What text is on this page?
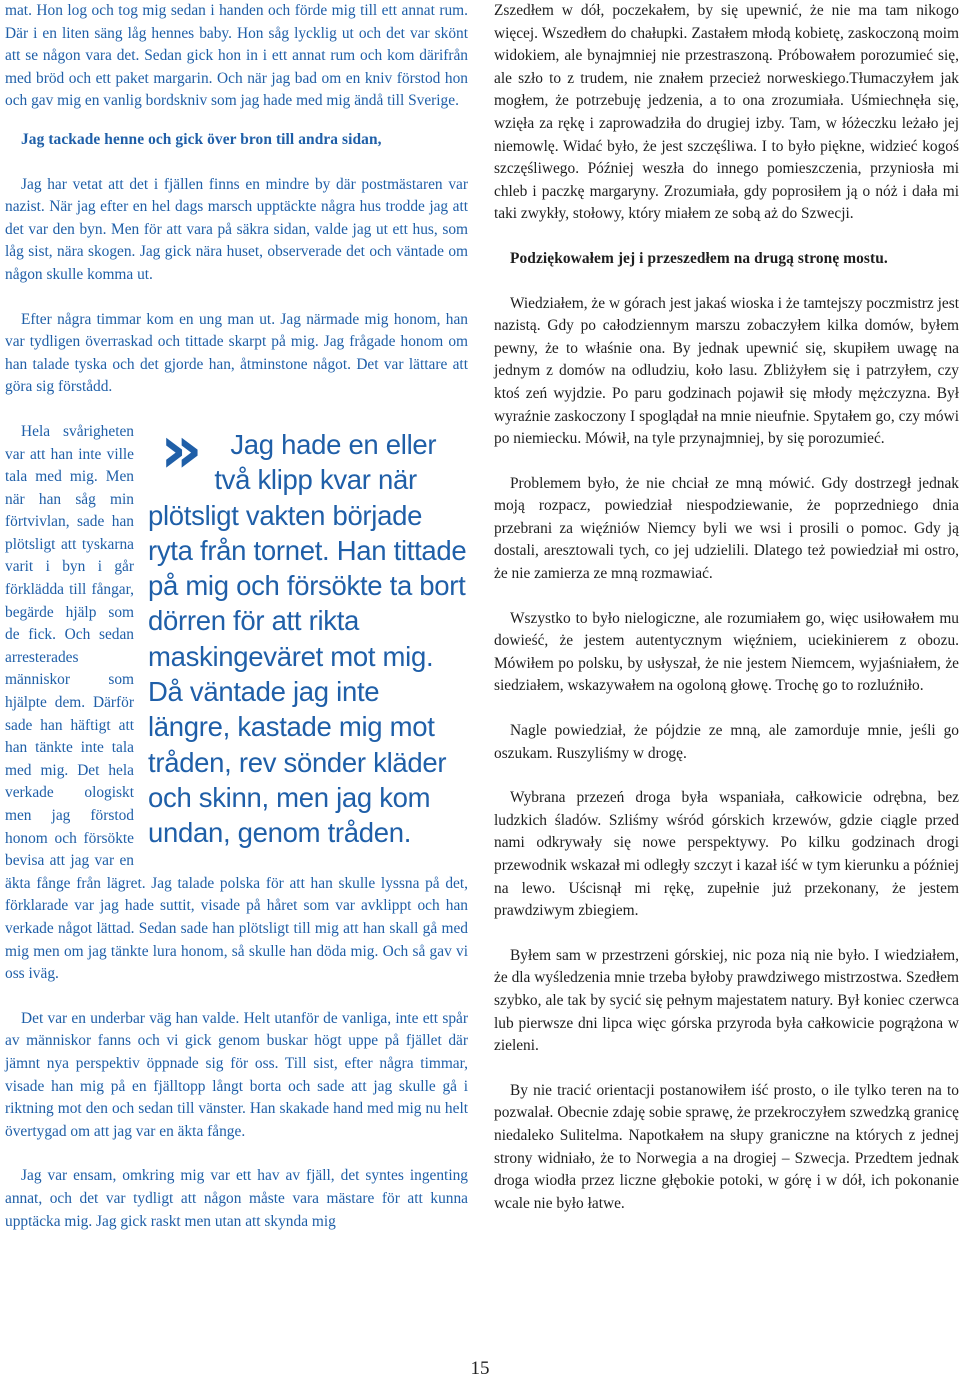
mat. Hon log och tog mig sedan i handen och förde mig till ett annat rum. Där i en liten säng låg hennes baby. Hon såg lycklig ut och det var skönt att se någon vara det. Sedan gick hon in i ett annat rum och kom därifrån med bröd och ett paket margarin. Och när jag bad om en kniv förstod hon och gav mig en vanlig bordskniv som jag hade med mig ändå till Sverige.

Jag tackade henne och gick över bron till andra sidan,

Jag har vetat att det i fjällen finns en mindre by där postmästaren var nazist. När jag efter en hel dags marsch upptäckte några hus trodde jag att det var den byn. Men för att vara på säkra sidan, valde jag ut ett hus, som låg sist, nära skogen. Jag gick nära huset, observerade det och väntade om någon skulle komma ut.

Efter några timmar kom en ung man ut. Jag närmade mig honom, han var tydligen överraskad och tittade skarpt på mig. Jag frågade honom om han talade tyska och det gjorde han, åtminstone något. Det var lättare att göra sig förstådd.

» Jag hade en eller två klipp kvar när plötsligt vakten började ryta från tornet. Han tittade på mig och försökte ta bort dörren för att rikta maskingeväret mot mig. Då väntade jag inte längre, kastade mig mot tråden, rev sönder kläder och skinn, men jag kom undan, genom tråden.
Hela svårigheten var att han inte ville tala med mig. Men när han såg min förtvivlan, sade han plötsligt att tyskarna varit i byn i går förklädda till fångar, begärde hjälp som de fick. Och sedan arresterades människor som hjälpte dem. Därför sade han häftigt att han tänkte inte tala med mig. Det hela verkade ologiskt men jag förstod honom och försökte bevisa att jag var en äkta fånge från lägret. Jag talade polska för att han skulle lyssna på det, förklarade var jag hade suttit, visade på håret som var avklippt och han verkade något lättad. Sedan sade han plötsligt till mig att han skall gå med mig men om jag tänkte lura honom, så skulle han döda mig. Och så gav vi oss iväg.

Det var en underbar väg han valde. Helt utanför de vanliga, inte ett spår av människor fanns och vi gick genom buskar högt uppe på fjället där jämnt nya perspektiv öppnade sig för oss. Till sist, efter några timmar, visade han mig på en fjälltopp långt borta och sade att jag skulle gå i riktning mot den och sedan till vänster. Han skakade hand med mig nu helt övertygad om att jag var en äkta fånge.

Jag var ensam, omkring mig var ett hav av fjäll, det syntes ingenting annat, och det var tydligt att någon måste vara mästare för att kunna upptäcka mig. Jag gick raskt men utan att skynda mig

Zszedłem w dół, poczekałem, by się upewnić, że nie ma tam nikogo więcej. Wszedłem do chałupki. Zastałem młodą kobietę, zaskoczoną moim widokiem, ale bynajmniej nie przestraszoną. Próbowałem porozumieć się, ale szło to z trudem, nie znałem przecież norweskiego.Tłumaczyłem jak mogłem, że potrzebuję jedzenia, a to ona zrozumiała. Uśmiechnęła się, wzięła za rękę i zaprowadziła do drugiej izby. Tam, w łóżeczku leżało jej niemowlę. Widać było, że jest szczęśliwa. I to było piękne, widzieć kogoś szczęśliwego. Później weszła do innego pomieszczenia, przyniosła mi chleb i paczkę margaryny. Zrozumiała, gdy poprosiłem ją o nóż i dała mi taki zwykły, stołowy, który miałem ze sobą aż do Szwecji.

Podziękowałem jej i przeszedłem na drugą stronę mostu.

Wiedziałem, że w górach jest jakaś wioska i że tamtejszy poczmistrz jest nazistą. Gdy po całodziennym marszu zobaczyłem kilka domów, byłem pewny, że to właśnie ona. By jednak upewnić się, skupiłem uwagę na jednym z domów na odludziu, koło lasu. Zbliżyłem się i patrzyłem, czy ktoś zeń wyjdzie. Po paru godzinach pojawił się młody mężczyzna. Był wyraźnie zaskoczony I spoglądał na mnie nieufnie. Spytałem go, czy mówi po niemiecku. Mówił, na tyle przynajmniej, by się porozumieć.

Problemem było, że nie chciał ze mną mówić. Gdy dostrzegł jednak moją rozpacz, powiedział niespodziewanie, że poprzedniego dnia przebrani za więźniów Niemcy byli we wsi i prosili o pomoc. Gdy ją dostali, aresztowali tych, co jej udzielili. Dlatego też powiedział mi ostro, że nie zamierza ze mną rozmawiać.

Wszystko to było nielogiczne, ale rozumiałem go, więc usiłowałem mu dowieść, że jestem autentycznym więźniem, uciekinierem z obozu. Mówiłem po polsku, by usłyszał, że nie jestem Niemcem, wyjaśniałem, że siedziałem, wskazywałem na ogoloną głowę. Trochę go to rozluźniło.

Nagle powiedział, że pójdzie ze mną, ale zamorduje mnie, jeśli go oszukam. Ruszyliśmy w drogę.

Wybrana przezeń droga była wspaniała, całkowicie odrębna, bez ludzkich śladów. Szliśmy wśród górskich krzewów, gdzie ciągle przed nami odkrywały się nowe perspektywy. Po kilku godzinach drogi przewodnik wskazał mi odległy szczyt i kazał iść w tym kierunku a później na lewo. Uścisnął mi rękę, zupełnie już przekonany, że jestem prawdziwym zbiegiem.

Byłem sam w przestrzeni górskiej, nic poza nią nie było. I wiedziałem, że dla wyśledzenia mnie trzeba byłoby prawdziwego mistrzostwa. Szedłem szybko, ale tak by sycić się pełnym majestatem natury. Był koniec czerwca lub pierwsze dni lipca więc górska przyroda była całkowicie pogrążona w zieleni.

By nie tracić orientacji postanowiłem iść prosto, o ile tylko teren na to pozwalał. Obecnie zdaję sobie sprawę, że przekroczyłem szwedzką granicę niedaleko Sulitelma. Napotkałem na słupy graniczne na których z jednej strony widniało, że to Norwegia a na drogiej – Szwecja. Przedtem jednak droga wiodła przez liczne głębokie potoki, w górę i w dół, ich pokonanie wcale nie było łatwe.

15
